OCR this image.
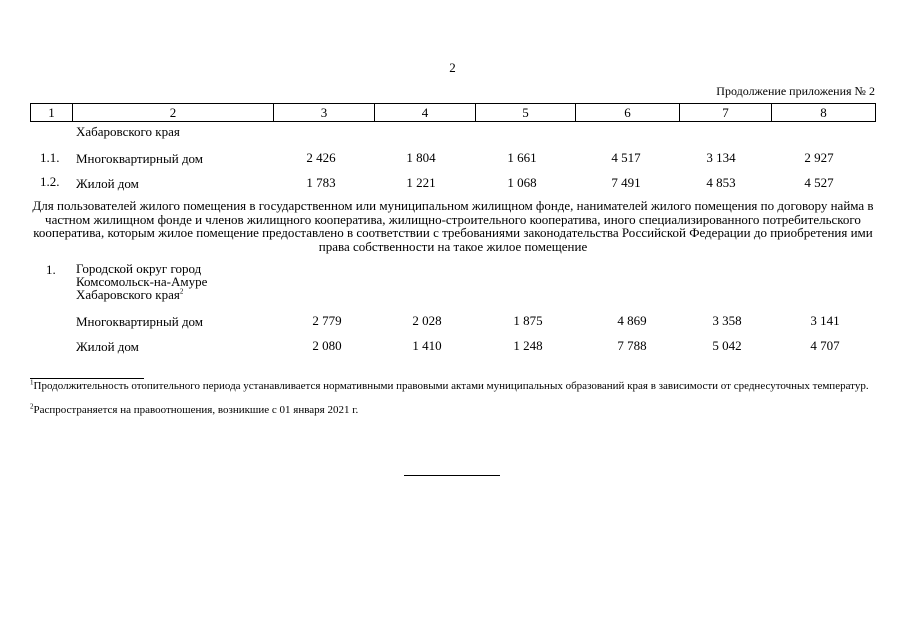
2
Продолжение приложения № 2
1	2	3	4	5	6	7	8
Хабаровского края
1.1. Многоквартирный дом	2 426	1 804	1 661	4 517	3 134	2 927
1.2. Жилой дом	1 783	1 221	1 068	7 491	4 853	4 527
Для пользователей жилого помещения в государственном или муниципальном жилищном фонде, нанимателей жилого помещения по договору найма в частном жилищном фонде и членов жилищного кооператива, жилищно-строительного кооператива, иного специализированного потребительского кооператива, которым жилое помещение предоставлено в соответствии с требованиями законодательства Российской Федерации до приобретения ими права собственности на такое жилое помещение
1. Городской округ город
Комсомольск-на-Амуре
Хабаровского края$^2$
Многоквартирный дом	2 779	2 028	1 875	4 869	3 358	3 141
Жилой дом	2 080	1 410	1 248	7 788	5 042	4 707
$^1$Продолжительность отопительного периода устанавливается нормативными правовыми актами муниципальных образований края в зависимости от среднесуточных температур.
$^2$Распространяется на правоотношения, возникшие с 01 января 2021 г.
